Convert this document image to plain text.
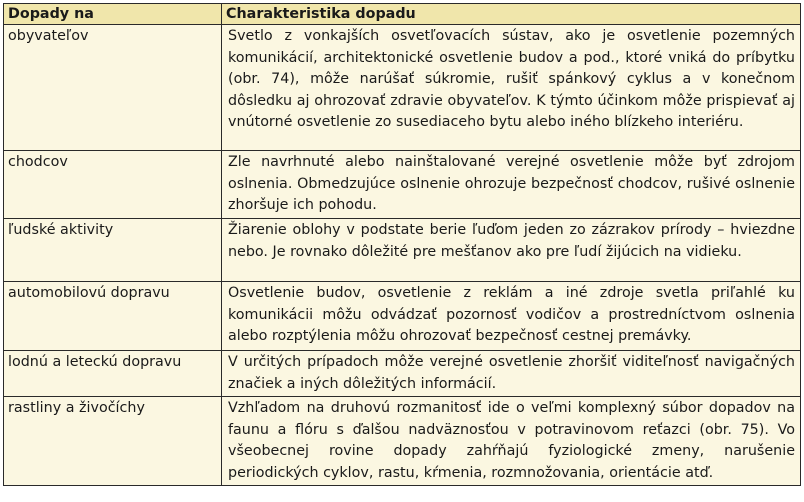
Dopady na	Charakteristika dopadu
obyvateľov	Svetlo z vonkajších osvetľovacích sústav, ako je osvetlenie pozemných komunikácií, architektonické osvetlenie budov a pod., ktoré vniká do príbytku (obr. 74), môže narúšať súkromie, rušiť spánkový cyklus a v konečnom dôsledku aj ohrozovať zdravie obyvateľov. K týmto účinkom môže prispievať aj vnútorné osvetlenie zo susediaceho bytu alebo iného blízkeho interiéru.
chodcov	Zle navrhnuté alebo nainštalované verejné osvetlenie môže byť zdrojom oslnenia. Obmedzujúce oslnenie ohrozuje bezpečnosť chodcov, rušivé oslnenie zhoršuje ich pohodu.
ľudské aktivity	Žiarenie oblohy v podstate berie ľuďom jeden zo zázrakov prírody – hviezdne nebo. Je rovnako dôležité pre mešťanov ako pre ľudí žijúcich na vidieku.
automobilovú dopravu	Osvetlenie budov, osvetlenie z reklám a iné zdroje svetla priľahlé ku komunikácii môžu odvádzať pozornosť vodičov a prostredníctvom oslnenia alebo rozptýlenia môžu ohrozovať bezpečnosť cestnej premávky.
lodnú a leteckú dopravu	V určitých prípadoch môže verejné osvetlenie zhoršiť viditeľnosť navigačných značiek a iných dôležitých informácií.
rastliny a živočíchy	Vzhľadom na druhovú rozmanitosť ide o veľmi komplexný súbor dopadov na faunu a flóru s ďalšou nadväznosťou v potravinovom reťazci (obr. 75). Vo všeobecnej rovine dopady zahŕňajú fyziologické zmeny, narušenie periodických cyklov, rastu, kŕmenia, rozmnožovania, orientácie atď.
